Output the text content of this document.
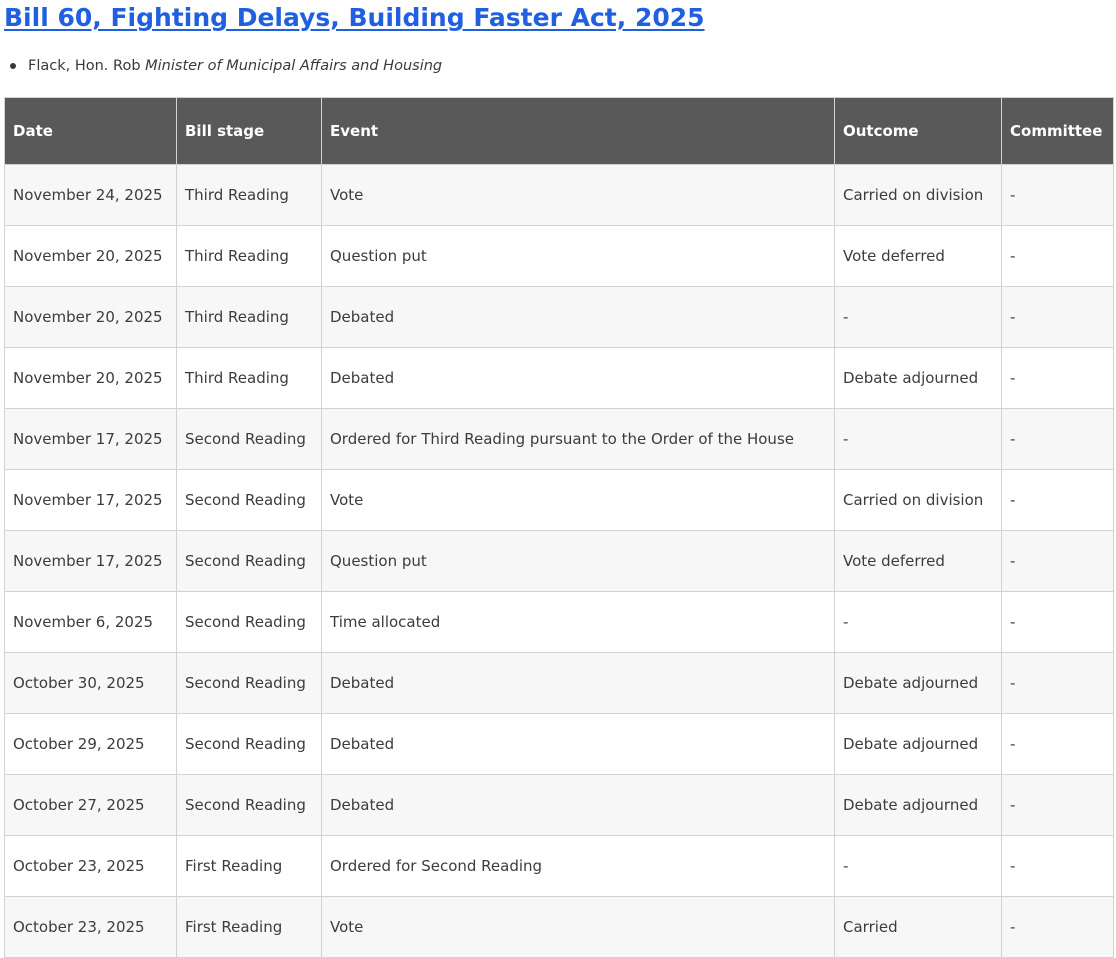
Bill 60, Fighting Delays, Building Faster Act, 2025
Flack, Hon. Rob Minister of Municipal Affairs and Housing
Date	Bill stage	Event	Outcome	Committee
November 24, 2025	Third Reading	Vote	Carried on division	-
November 20, 2025	Third Reading	Question put	Vote deferred	-
November 20, 2025	Third Reading	Debated	-	-
November 20, 2025	Third Reading	Debated	Debate adjourned	-
November 17, 2025	Second Reading	Ordered for Third Reading pursuant to the Order of the House	-	-
November 17, 2025	Second Reading	Vote	Carried on division	-
November 17, 2025	Second Reading	Question put	Vote deferred	-
November 6, 2025	Second Reading	Time allocated	-	-
October 30, 2025	Second Reading	Debated	Debate adjourned	-
October 29, 2025	Second Reading	Debated	Debate adjourned	-
October 27, 2025	Second Reading	Debated	Debate adjourned	-
October 23, 2025	First Reading	Ordered for Second Reading	-	-
October 23, 2025	First Reading	Vote	Carried	-
